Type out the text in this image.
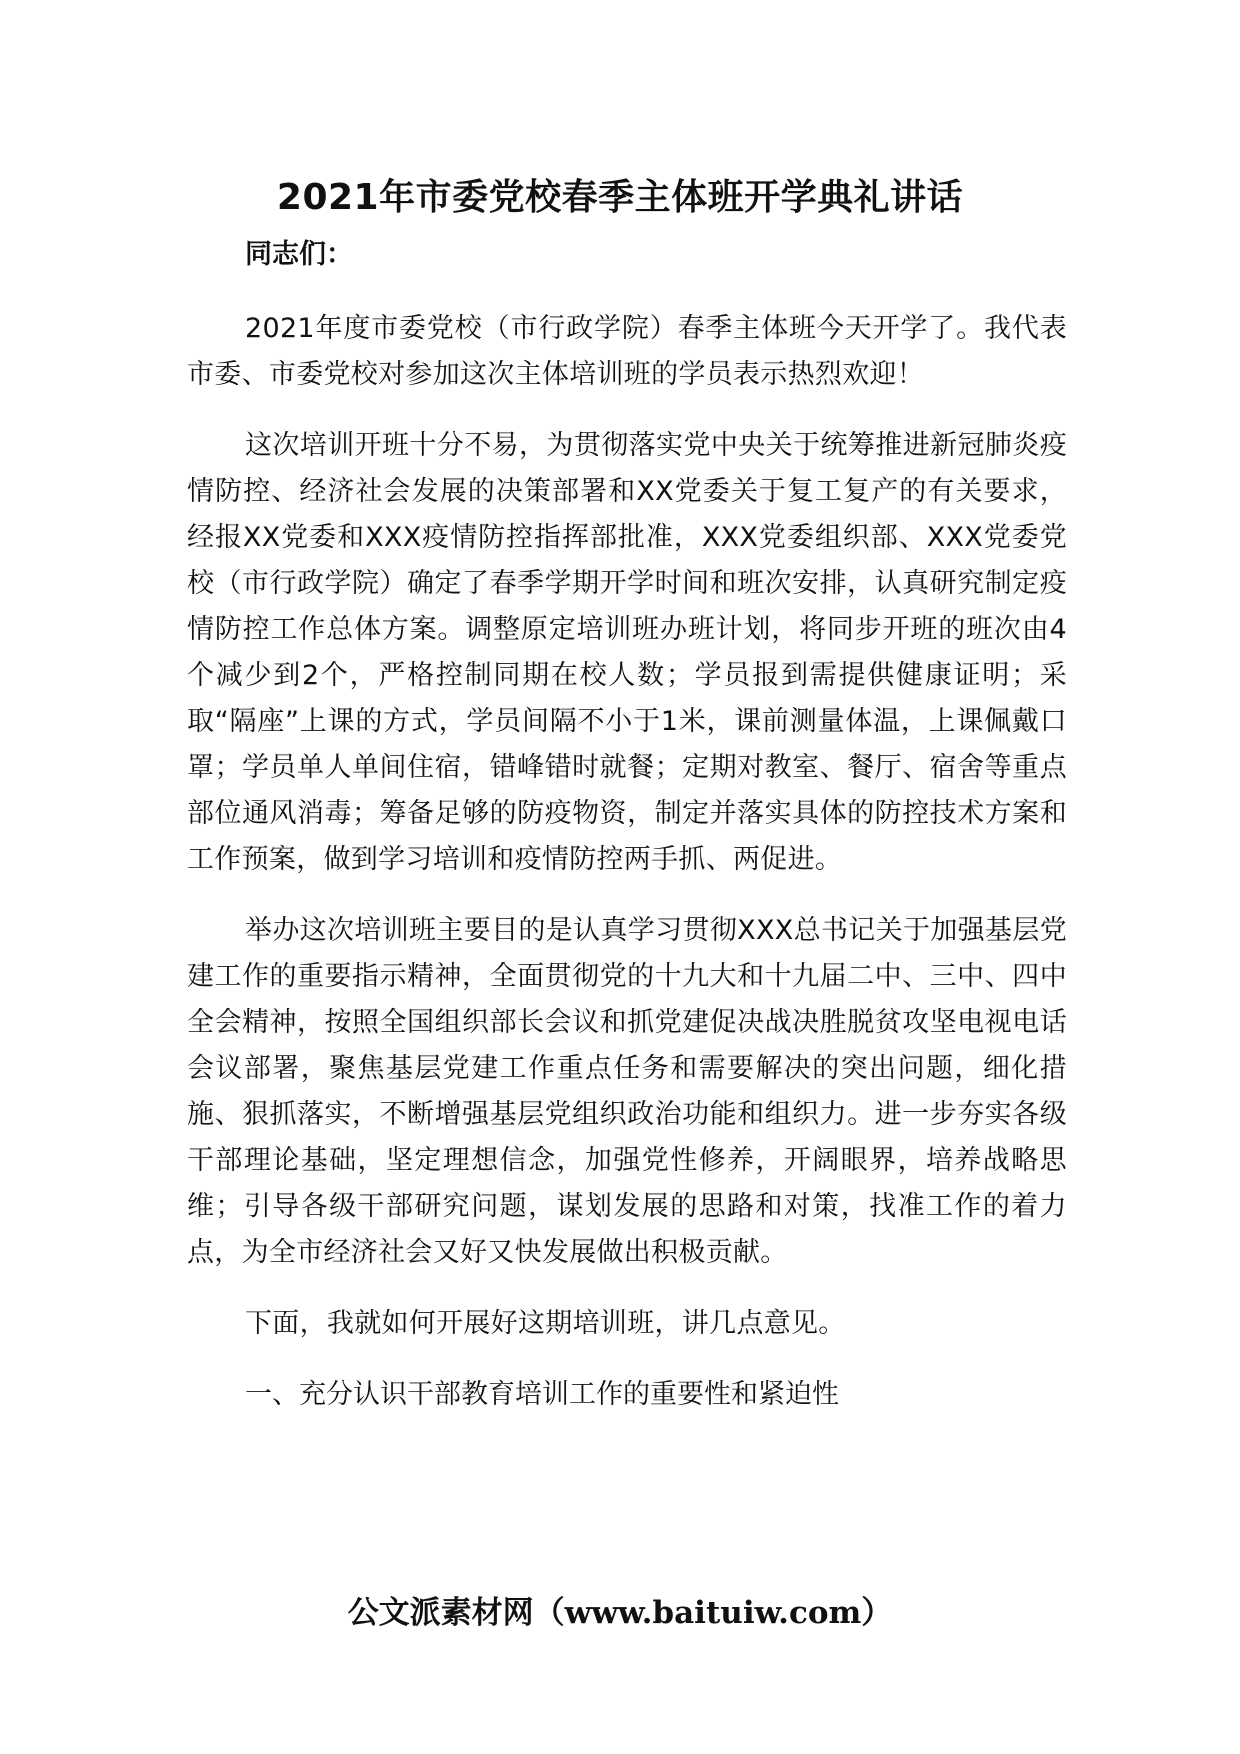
2021年市委党校春季主体班开学典礼讲话

同志们：

2021年度市委党校（市行政学院）春季主体班今天开学了。我代表市委、市委党校对参加这次主体培训班的学员表示热烈欢迎！

这次培训开班十分不易，为贯彻落实党中央关于统筹推进新冠肺炎疫情防控、经济社会发展的决策部署和XX党委关于复工复产的有关要求，经报XX党委和XXX疫情防控指挥部批准，XXX党委组织部、XXX党委党校（市行政学院）确定了春季学期开学时间和班次安排，认真研究制定疫情防控工作总体方案。调整原定培训班办班计划，将同步开班的班次由4个减少到2个，严格控制同期在校人数；学员报到需提供健康证明；采取“隔座”上课的方式，学员间隔不小于1米，课前测量体温，上课佩戴口罩；学员单人单间住宿，错峰错时就餐；定期对教室、餐厅、宿舍等重点部位通风消毒；筹备足够的防疫物资，制定并落实具体的防控技术方案和工作预案，做到学习培训和疫情防控两手抓、两促进。

举办这次培训班主要目的是认真学习贯彻XXX总书记关于加强基层党建工作的重要指示精神，全面贯彻党的十九大和十九届二中、三中、四中全会精神，按照全国组织部长会议和抓党建促决战决胜脱贫攻坚电视电话会议部署，聚焦基层党建工作重点任务和需要解决的突出问题，细化措施、狠抓落实，不断增强基层党组织政治功能和组织力。进一步夯实各级干部理论基础，坚定理想信念，加强党性修养，开阔眼界，培养战略思维；引导各级干部研究问题，谋划发展的思路和对策，找准工作的着力点，为全市经济社会又好又快发展做出积极贡献。

下面，我就如何开展好这期培训班，讲几点意见。

一、充分认识干部教育培训工作的重要性和紧迫性

公文派素材网（www.baituiw.com）
